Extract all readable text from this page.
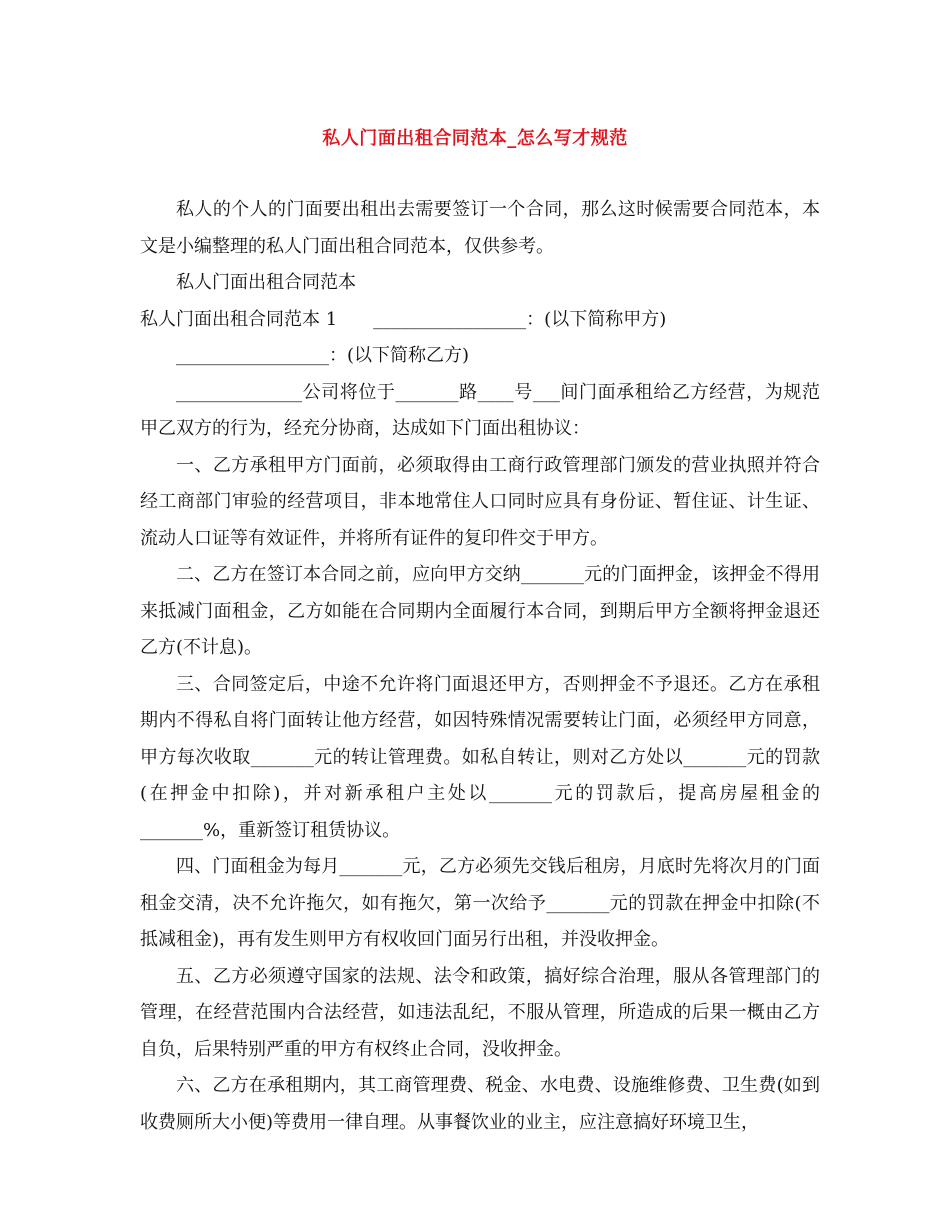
私人门面出租合同范本_怎么写才规范

私人的个人的门面要出租出去需要签订一个合同，那么这时候需要合同范本，本文是小编整理的私人门面出租合同范本，仅供参考。

私人门面出租合同范本

私人门面出租合同范本 1　　_________________：(以下简称甲方)

_________________：(以下简称乙方)

______________公司将位于_______路____号___间门面承租给乙方经营，为规范甲乙双方的行为，经充分协商，达成如下门面出租协议：

一、乙方承租甲方门面前，必须取得由工商行政管理部门颁发的营业执照并符合经工商部门审验的经营项目，非本地常住人口同时应具有身份证、暂住证、计生证、流动人口证等有效证件，并将所有证件的复印件交于甲方。

二、乙方在签订本合同之前，应向甲方交纳_______元的门面押金，该押金不得用来抵减门面租金，乙方如能在合同期内全面履行本合同，到期后甲方全额将押金退还乙方(不计息)。

三、合同签定后，中途不允许将门面退还甲方，否则押金不予退还。乙方在承租期内不得私自将门面转让他方经营，如因特殊情况需要转让门面，必须经甲方同意，甲方每次收取_______元的转让管理费。如私自转让，则对乙方处以_______元的罚款(在押金中扣除)，并对新承租户主处以_______元的罚款后，提高房屋租金的_______%，重新签订租赁协议。

四、门面租金为每月_______元，乙方必须先交钱后租房，月底时先将次月的门面租金交清，决不允许拖欠，如有拖欠，第一次给予_______元的罚款在押金中扣除(不抵减租金)，再有发生则甲方有权收回门面另行出租，并没收押金。

五、乙方必须遵守国家的法规、法令和政策，搞好综合治理，服从各管理部门的管理，在经营范围内合法经营，如违法乱纪，不服从管理，所造成的后果一概由乙方自负，后果特别严重的甲方有权终止合同，没收押金。

六、乙方在承租期内，其工商管理费、税金、水电费、设施维修费、卫生费(如到收费厕所大小便)等费用一律自理。从事餐饮业的业主，应注意搞好环境卫生，
